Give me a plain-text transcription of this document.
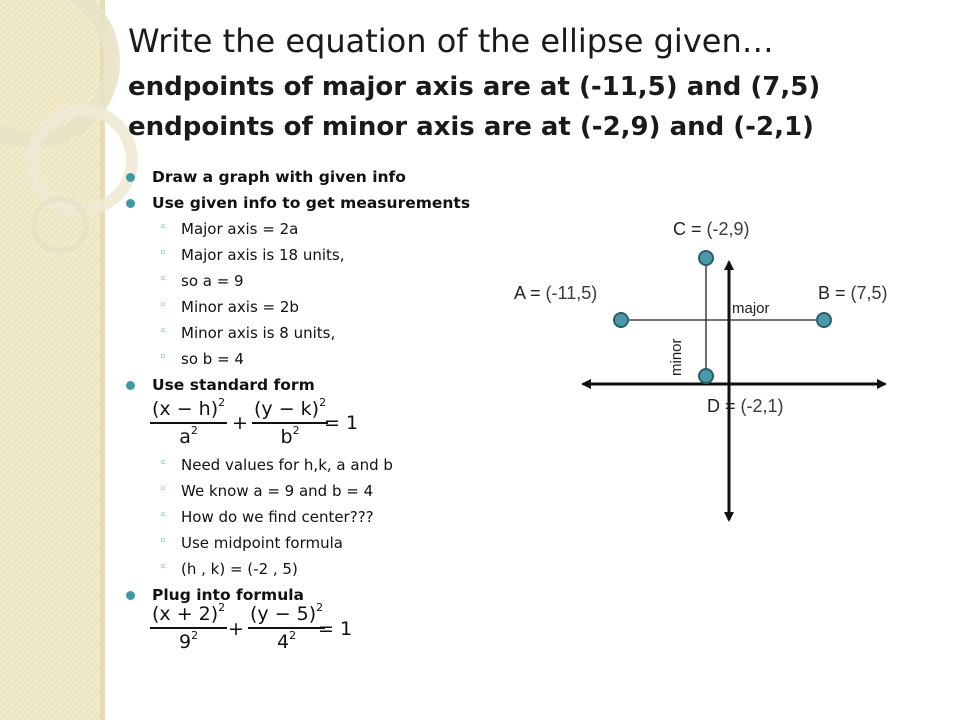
Write the equation of the ellipse given…
endpoints of major axis are at (-11,5) and (7,5)
endpoints of minor axis are at (-2,9) and (-2,1)
Draw a graph with given info
Use given info to get measurements
◦ Major axis = 2a
◦ Major axis is 18 units,
◦ so a = 9
◦ Minor axis = 2b
◦ Minor axis is 8 units,
◦ so b = 4
Use standard form
$(x - h)^2$
$a^2$	+
$(y - k)^2$
$b^2$	= 1
◦ Need values for h,k, a and b
◦ We know a = 9 and b = 4
◦ How do we find center???
◦ Use midpoint formula
◦ (h , k) = (-2 , 5)
Plug into formula
$(x + 2)^2$
$9^2$	+
$(y - 5)^2$
$4^2$	= 1
C = (-2,9)
A = (-11,5)	B = (7,5)
D = (-2,1)
major
minor
